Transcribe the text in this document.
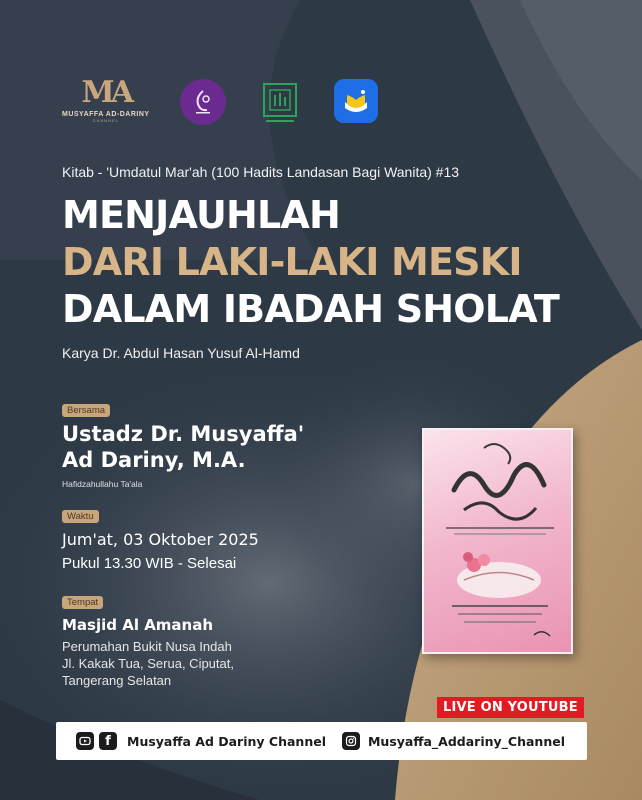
MA
MUSYAFFA AD-DARINY
CHANNEL
Kitab - 'Umdatul Mar'ah (100 Hadits Landasan Bagi Wanita) #13
MENJAUHLAH
DARI LAKI-LAKI MESKI
DALAM IBADAH SHOLAT
Karya Dr. Abdul Hasan Yusuf Al-Hamd
Bersama
Ustadz Dr. Musyaffa'
Ad Dariny, M.A.
Hafidzahullahu Ta'ala
Waktu
Jum'at, 03 Oktober 2025
Pukul 13.30 WIB - Selesai
Tempat
Masjid Al Amanah
Perumahan Bukit Nusa Indah
Jl. Kakak Tua, Serua, Ciputat,
Tangerang Selatan
LIVE ON YOUTUBE
f Musyaffa Ad Dariny Channel	Musyaffa_Addariny_Channel
